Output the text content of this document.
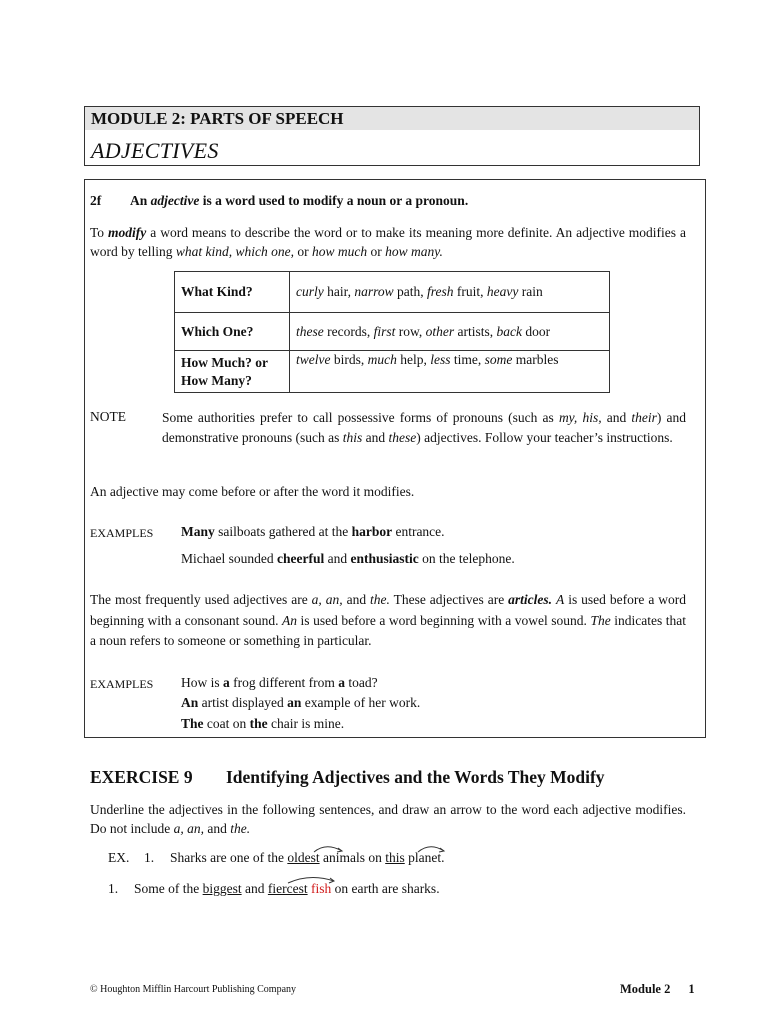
MODULE 2: PARTS OF SPEECH
ADJECTIVES
2f An adjective is a word used to modify a noun or a pronoun.
To modify a word means to describe the word or to make its meaning more definite. An adjective modifies a word by telling what kind, which one, or how much or how many.
What Kind?	curly hair, narrow path, fresh fruit, heavy rain
Which One?	these records, first row, other artists, back door
How Much? or How Many?	twelve birds, much help, less time, some marbles
NOTE	Some authorities prefer to call possessive forms of pronouns (such as my, his, and their) and demonstrative pronouns (such as this and these) adjectives. Follow your teacher’s instructions.
An adjective may come before or after the word it modifies.
EXAMPLES Many sailboats gathered at the harbor entrance.
Michael sounded cheerful and enthusiastic on the telephone.
The most frequently used adjectives are a, an, and the. These adjectives are articles. A is used before a word beginning with a consonant sound. An is used before a word beginning with a vowel sound. The indicates that a noun refers to someone or something in particular.
EXAMPLES How is a frog different from a toad?
An artist displayed an example of her work.
The coat on the chair is mine.
EXERCISE 9 Identifying Adjectives and the Words They Modify
Underline the adjectives in the following sentences, and draw an arrow to the word each adjective modifies. Do not include a, an, and the.
EX. 1. Sharks are one of the oldest animals on this planet.
1. Some of the biggest and fiercest fish on earth are sharks.
© Houghton Mifflin Harcourt Publishing Company	Module 2 1
